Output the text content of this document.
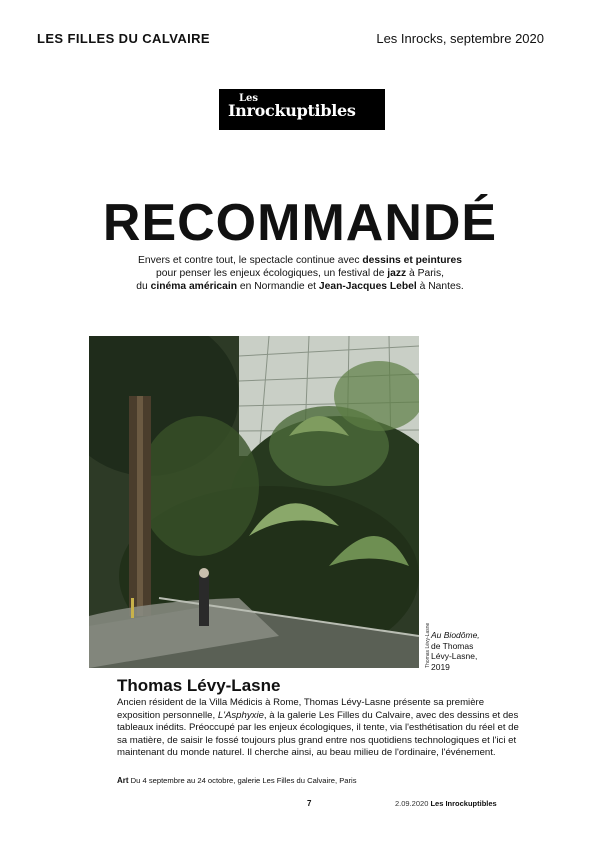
LES FILLES DU CALVAIRE	Les Inrocks, septembre 2020
Les
Inrockuptibles
RECOMMANDÉ
Envers et contre tout, le spectacle continue avec dessins et peintures
pour penser les enjeux écologiques, un festival de jazz à Paris,
du cinéma américain en Normandie et Jean-Jacques Lebel à Nantes.
Thomas Lévy-Lasne Au Biodôme,
de Thomas
Lévy-Lasne,
2019
Thomas Lévy-Lasne
Ancien résident de la Villa Médicis à Rome, Thomas Lévy-Lasne présente sa première exposition personnelle, L'Asphyxie, à la galerie Les Filles du Calvaire, avec des dessins et des tableaux inédits. Préoccupé par les enjeux écologiques, il tente, via l'esthétisation du réel et de sa matière, de saisir le fossé toujours plus grand entre nos quotidiens technologiques et l'ici et maintenant du monde naturel. Il cherche ainsi, au beau milieu de l'ordinaire, l'événement.
Art Du 4 septembre au 24 octobre, galerie Les Filles du Calvaire, Paris
7	2.09.2020 Les Inrockuptibles
